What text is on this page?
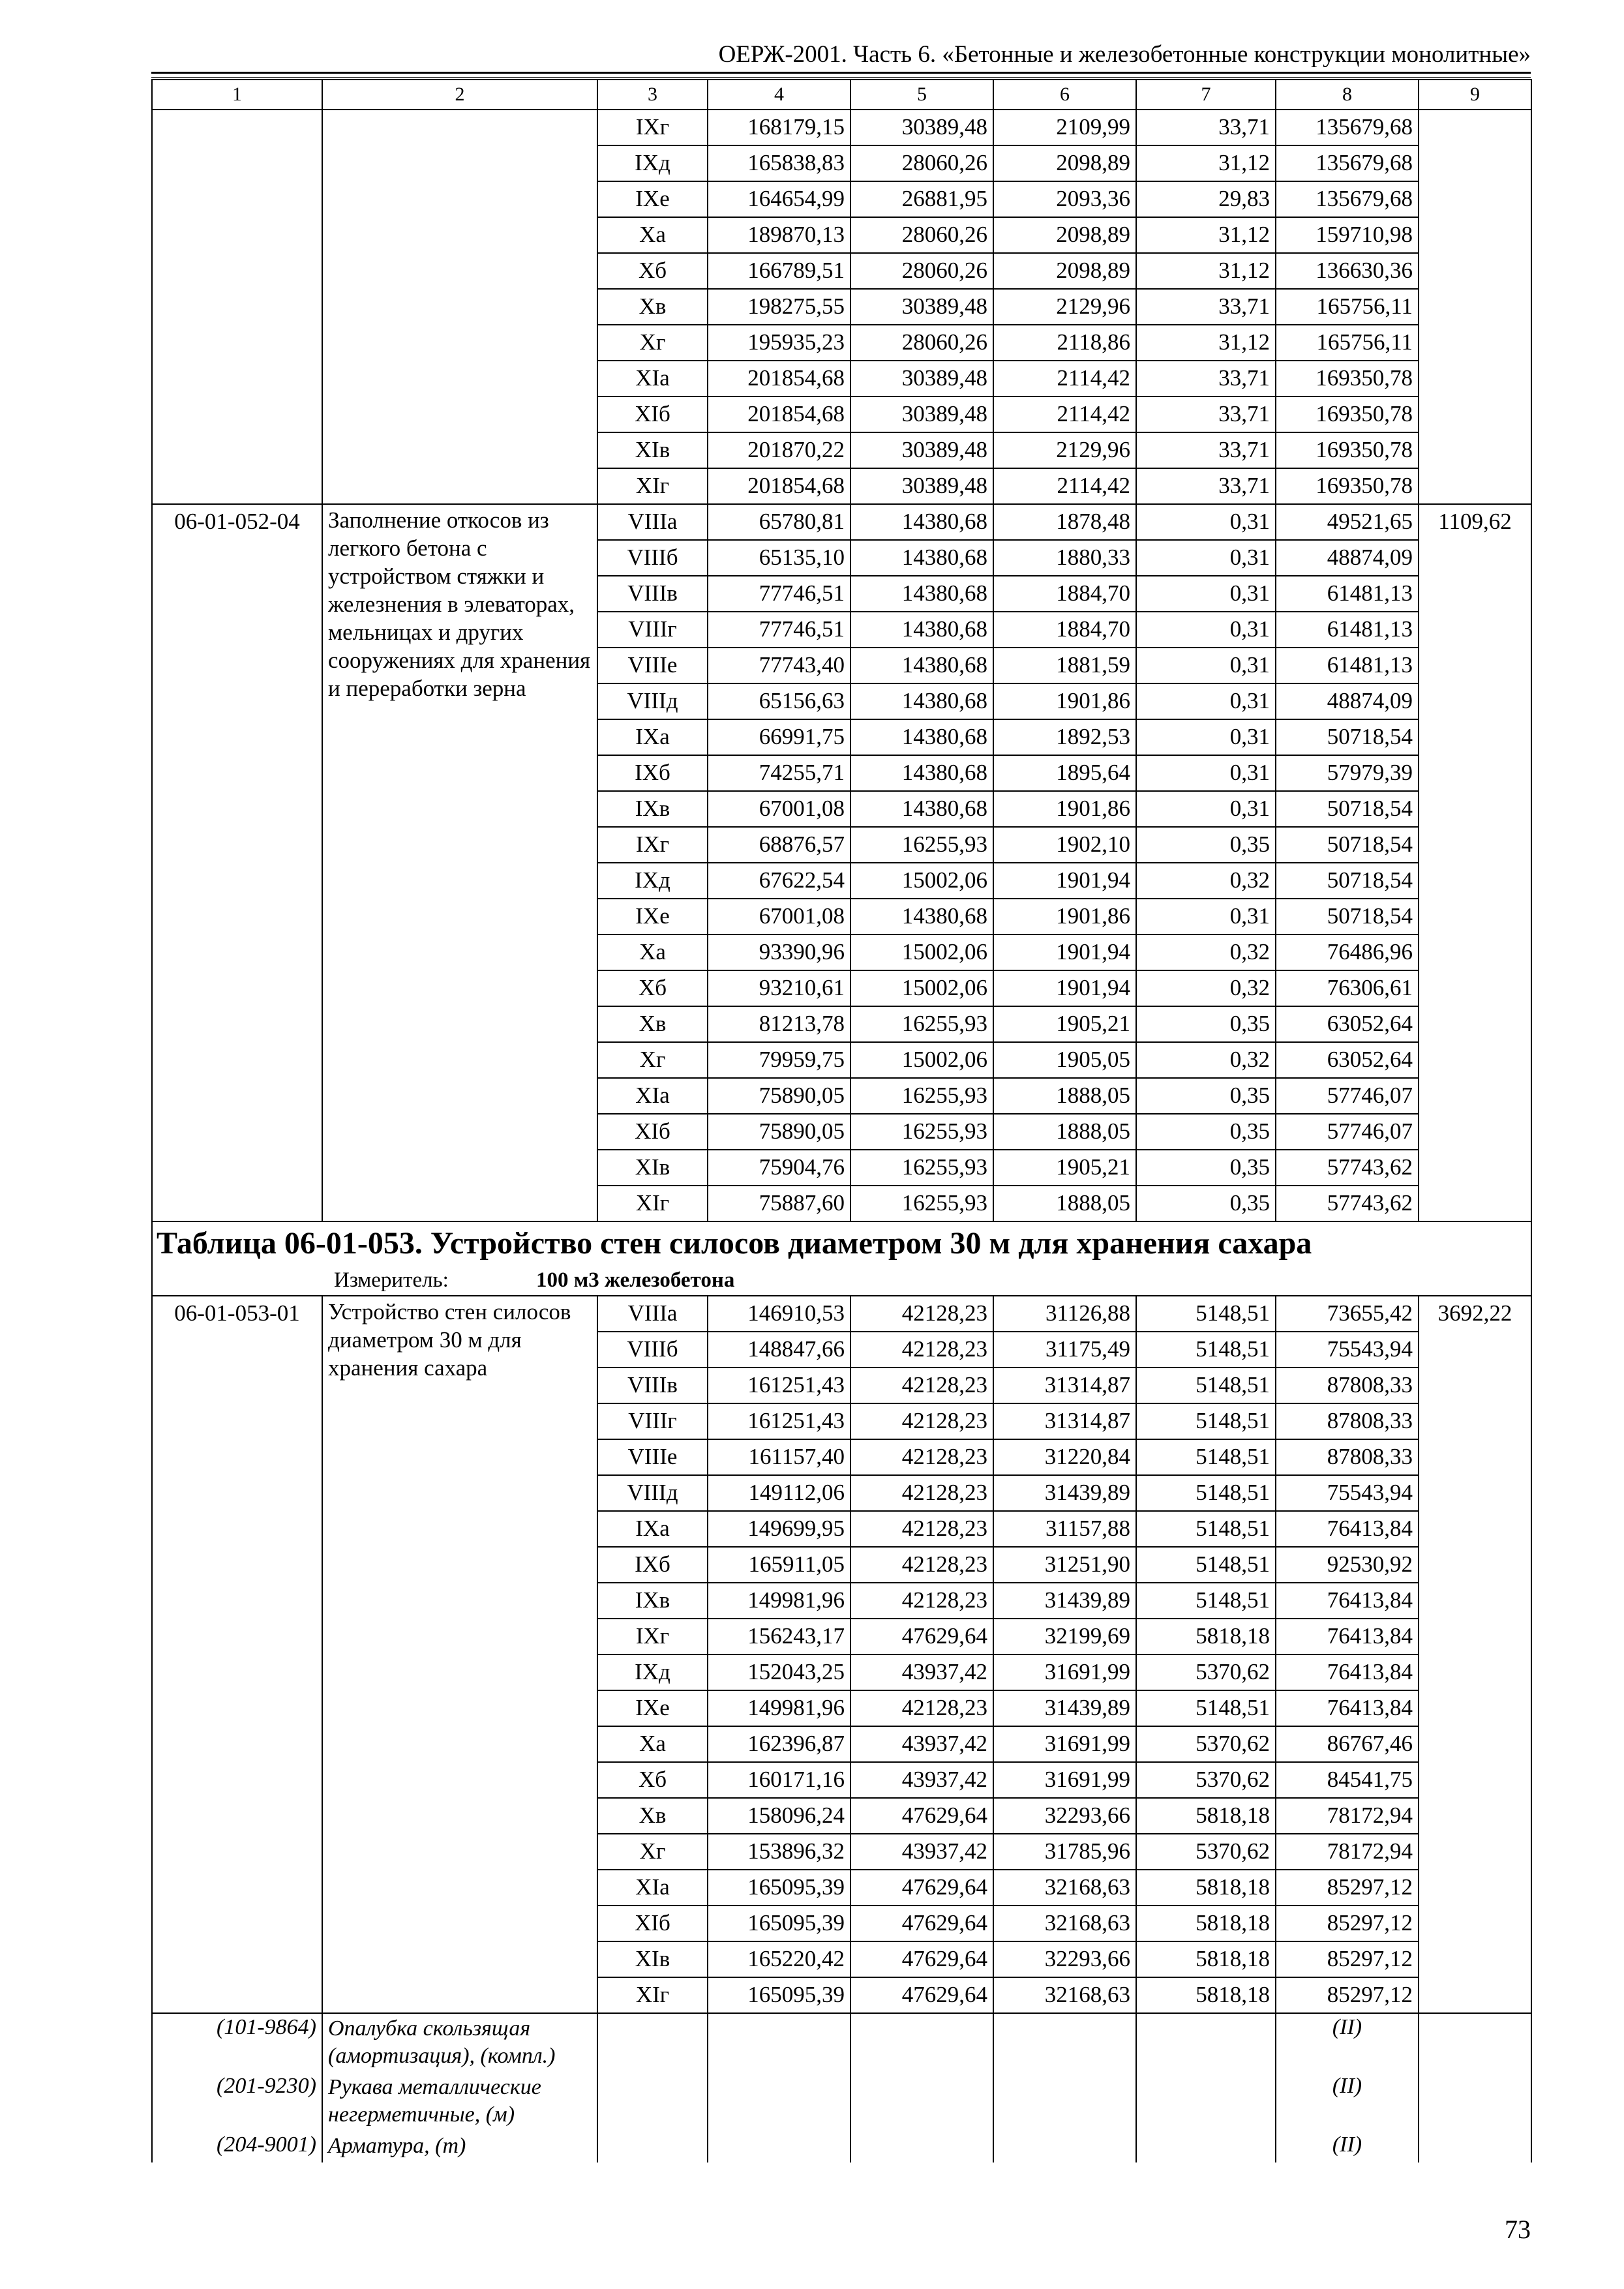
ОЕРЖ-2001. Часть 6. «Бетонные и железобетонные конструкции монолитные»
1	2	3	4	5	6	7	8	9
		IXг	168179,15	30389,48	2109,99	33,71	135679,68	
		IXд	165838,83	28060,26	2098,89	31,12	135679,68	
		IXе	164654,99	26881,95	2093,36	29,83	135679,68	
		Xа	189870,13	28060,26	2098,89	31,12	159710,98	
		Xб	166789,51	28060,26	2098,89	31,12	136630,36	
		Xв	198275,55	30389,48	2129,96	33,71	165756,11	
		Xг	195935,23	28060,26	2118,86	31,12	165756,11	
		XIа	201854,68	30389,48	2114,42	33,71	169350,78	
		XIб	201854,68	30389,48	2114,42	33,71	169350,78	
		XIв	201870,22	30389,48	2129,96	33,71	169350,78	
		XIг	201854,68	30389,48	2114,42	33,71	169350,78	
06-01-052-04	Заполнение откосов из легкого бетона с устройством стяжки и железнения в элеваторах, мельницах и других сооружениях для хранения и переработки зерна	VIIIа	65780,81	14380,68	1878,48	0,31	49521,65	1109,62
		VIIIб	65135,10	14380,68	1880,33	0,31	48874,09	
		VIIIв	77746,51	14380,68	1884,70	0,31	61481,13	
		VIIIг	77746,51	14380,68	1884,70	0,31	61481,13	
		VIIIе	77743,40	14380,68	1881,59	0,31	61481,13	
		VIIIд	65156,63	14380,68	1901,86	0,31	48874,09	
		IXа	66991,75	14380,68	1892,53	0,31	50718,54	
		IXб	74255,71	14380,68	1895,64	0,31	57979,39	
		IXв	67001,08	14380,68	1901,86	0,31	50718,54	
		IXг	68876,57	16255,93	1902,10	0,35	50718,54	
		IXд	67622,54	15002,06	1901,94	0,32	50718,54	
		IXе	67001,08	14380,68	1901,86	0,31	50718,54	
		Xа	93390,96	15002,06	1901,94	0,32	76486,96	
		Xб	93210,61	15002,06	1901,94	0,32	76306,61	
		Xв	81213,78	16255,93	1905,21	0,35	63052,64	
		Xг	79959,75	15002,06	1905,05	0,32	63052,64	
		XIа	75890,05	16255,93	1888,05	0,35	57746,07	
		XIб	75890,05	16255,93	1888,05	0,35	57746,07	
		XIв	75904,76	16255,93	1905,21	0,35	57743,62	
		XIг	75887,60	16255,93	1888,05	0,35	57743,62	
Таблица 06-01-053. Устройство стен силосов диаметром 30 м для хранения сахара								
Измеритель: 100 м3 железобетона								
06-01-053-01	Устройство стен силосов диаметром 30 м для хранения сахара	VIIIа	146910,53	42128,23	31126,88	5148,51	73655,42	3692,22
		VIIIб	148847,66	42128,23	31175,49	5148,51	75543,94	
		VIIIв	161251,43	42128,23	31314,87	5148,51	87808,33	
		VIIIг	161251,43	42128,23	31314,87	5148,51	87808,33	
		VIIIе	161157,40	42128,23	31220,84	5148,51	87808,33	
		VIIIд	149112,06	42128,23	31439,89	5148,51	75543,94	
		IXа	149699,95	42128,23	31157,88	5148,51	76413,84	
		IXб	165911,05	42128,23	31251,90	5148,51	92530,92	
		IXв	149981,96	42128,23	31439,89	5148,51	76413,84	
		IXг	156243,17	47629,64	32199,69	5818,18	76413,84	
		IXд	152043,25	43937,42	31691,99	5370,62	76413,84	
		IXе	149981,96	42128,23	31439,89	5148,51	76413,84	
		Xа	162396,87	43937,42	31691,99	5370,62	86767,46	
		Xб	160171,16	43937,42	31691,99	5370,62	84541,75	
		Xв	158096,24	47629,64	32293,66	5818,18	78172,94	
		Xг	153896,32	43937,42	31785,96	5370,62	78172,94	
		XIа	165095,39	47629,64	32168,63	5818,18	85297,12	
		XIб	165095,39	47629,64	32168,63	5818,18	85297,12	
		XIв	165220,42	47629,64	32293,66	5818,18	85297,12	
		XIг	165095,39	47629,64	32168,63	5818,18	85297,12	
(101-9864)	Опалубка скользящая (амортизация), (компл.)						(II)	
(201-9230)	Рукава металлические негерметичные, (м)						(II)	
(204-9001)	Арматура, (т)						(II)	
73
